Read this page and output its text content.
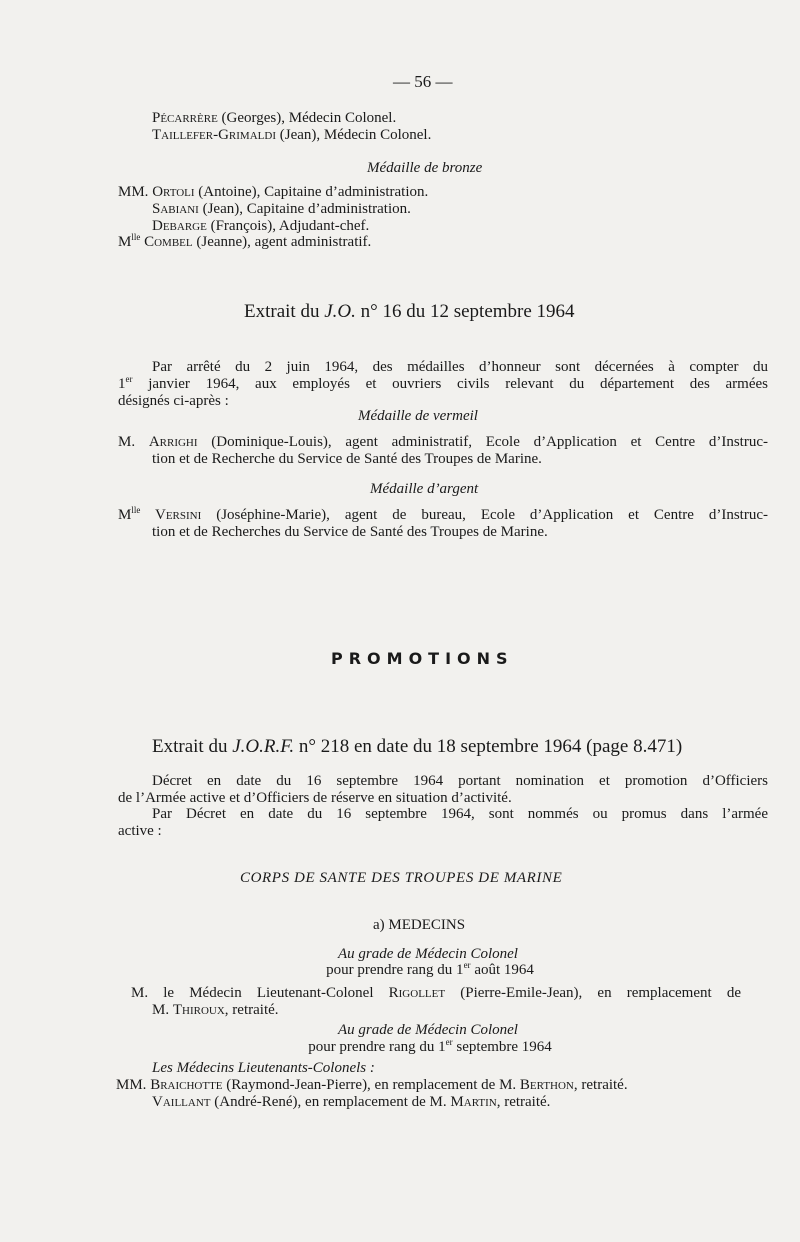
— 56 —
Pécarrère (Georges), Médecin Colonel.
Taillefer-Grimaldi (Jean), Médecin Colonel.
Médaille de bronze
MM. Ortoli (Antoine), Capitaine d’administration.
Sabiani (Jean), Capitaine d’administration.
Debarge (François), Adjudant-chef.
$M^{lle}$ Combel (Jeanne), agent administratif.
Extrait du J.O. n° 16 du 12 septembre 1964
Par arrêté du 2 juin 1964, des médailles d’honneur sont décernées à compter du
1er janvier 1964, aux employés et ouvriers civils relevant du département des armées
désignés ci-après :
Médaille de vermeil
M. Arrighi (Dominique-Louis), agent administratif, Ecole d’Application et Centre d’Instruc-
tion et de Recherche du Service de Santé des Troupes de Marine.
Médaille d’argent
$M^{lle}$ Versini (Joséphine-Marie), agent de bureau, Ecole d’Application et Centre d’Instruc-
tion et de Recherches du Service de Santé des Troupes de Marine.
PROMOTIONS
Extrait du J.O.R.F. n° 218 en date du 18 septembre 1964 (page 8.471)
Décret en date du 16 septembre 1964 portant nomination et promotion d’Officiers
de l’Armée active et d’Officiers de réserve en situation d’activité.
Par Décret en date du 16 septembre 1964, sont nommés ou promus dans l’armée
active :
CORPS DE SANTE DES TROUPES DE MARINE
a) MEDECINS
Au grade de Médecin Colonel
pour prendre rang du 1er août 1964
M. le Médecin Lieutenant-Colonel Rigollet (Pierre-Emile-Jean), en remplacement de
M. Thiroux, retraité.
Au grade de Médecin Colonel
pour prendre rang du 1er septembre 1964
Les Médecins Lieutenants-Colonels :
MM. Braichotte (Raymond-Jean-Pierre), en remplacement de M. Berthon, retraité.
Vaillant (André-René), en remplacement de M. Martin, retraité.
